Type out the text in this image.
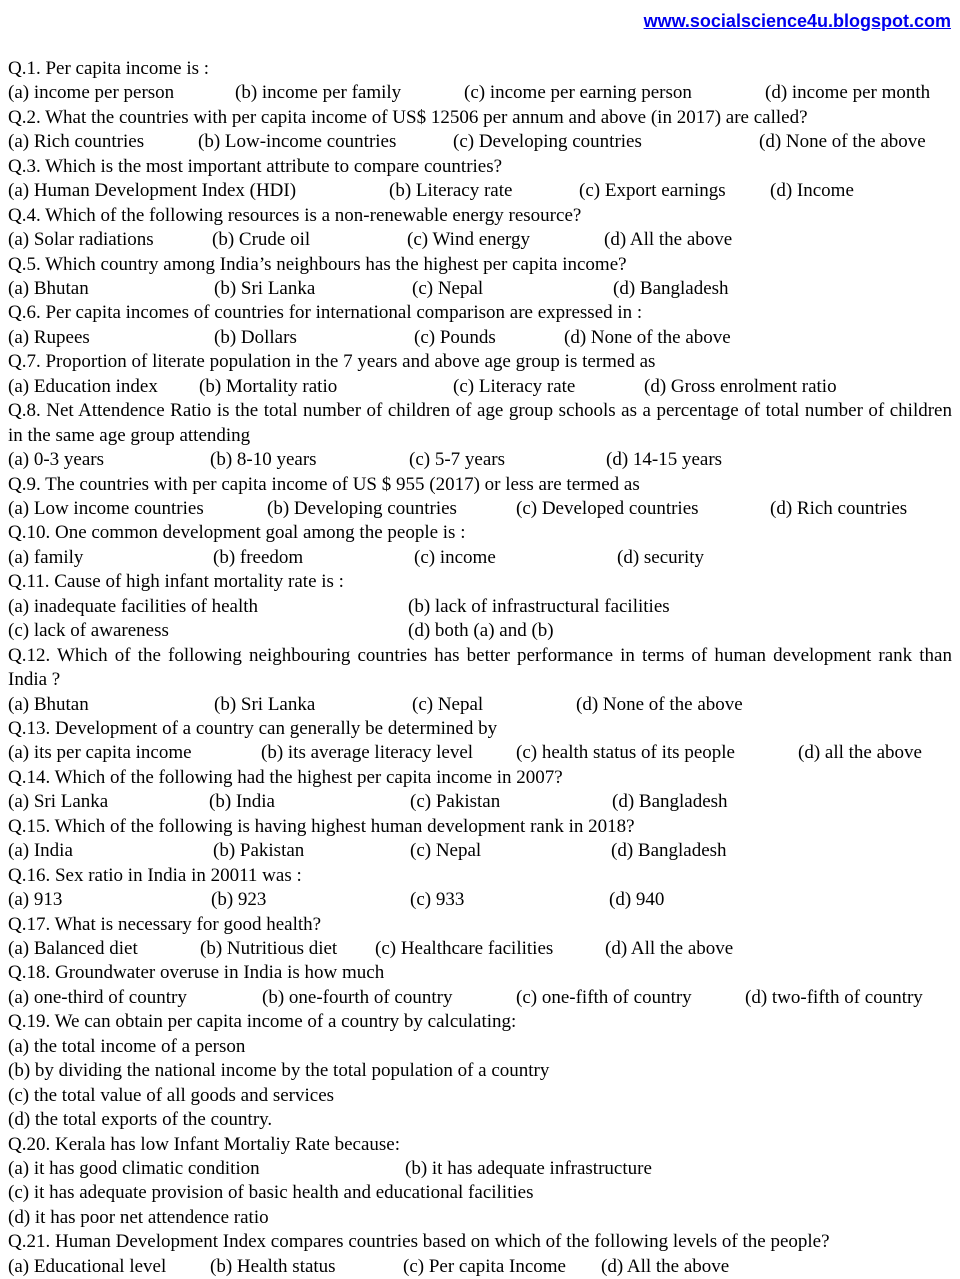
www.socialscience4u.blogspot.com
Q.1. Per capita income is :
(a) income per person	(b) income per family	(c) income per earning person	(d) income per month
Q.2. What the countries with per capita income of US$ 12506 per annum and above (in 2017) are called?
(a) Rich countries	(b) Low-income countries	(c) Developing countries	(d) None of the above
Q.3. Which is the most important attribute to compare countries?
(a) Human Development Index (HDI)	(b) Literacy rate	(c) Export earnings (d) Income
Q.4. Which of the following resources is a non-renewable energy resource?
(a) Solar radiations	(b) Crude oil	(c) Wind energy	(d) All the above
Q.5. Which country among India’s neighbours has the highest per capita income?
(a) Bhutan	(b) Sri Lanka	(c) Nepal	(d) Bangladesh
Q.6. Per capita incomes of countries for international comparison are expressed in :
(a) Rupees	(b) Dollars	(c) Pounds	(d) None of the above
Q.7. Proportion of literate population in the 7 years and above age group is termed as
(a) Education index (b) Mortality ratio	(c) Literacy rate	(d) Gross enrolment ratio
Q.8. Net Attendence Ratio is the total number of children of age group schools as a percentage of total number of children in the same age group attending
(a) 0-3 years	(b) 8-10 years	(c) 5-7 years	(d) 14-15 years
Q.9. The countries with per capita income of US $ 955 (2017) or less are termed as
(a) Low income countries	(b) Developing countries	(c) Developed countries	(d) Rich countries
Q.10. One common development goal among the people is :
(a) family	(b) freedom	(c) income	(d) security
Q.11. Cause of high infant mortality rate is :
(a) inadequate facilities of health	(b) lack of infrastructural facilities
(c) lack of awareness	(d) both (a) and (b)
Q.12. Which of the following neighbouring countries has better performance in terms of human development rank than India ?
(a) Bhutan	(b) Sri Lanka	(c) Nepal	(d) None of the above
Q.13. Development of a country can generally be determined by
(a) its per capita income	(b) its average literacy level (c) health status of its people	(d) all the above
Q.14. Which of the following had the highest per capita income in 2007?
(a) Sri Lanka	(b) India	(c) Pakistan	(d) Bangladesh
Q.15. Which of the following is having highest human development rank in 2018?
(a) India	(b) Pakistan	(c) Nepal	(d) Bangladesh
Q.16. Sex ratio in India in 20011 was :
(a) 913	(b) 923	(c) 933	(d) 940
Q.17. What is necessary for good health?
(a) Balanced diet	(b) Nutritious diet (c) Healthcare facilities	(d) All the above
Q.18. Groundwater overuse in India is how much
(a) one-third of country	(b) one-fourth of country	(c) one-fifth of country	(d) two-fifth of country
Q.19. We can obtain per capita income of a country by calculating:
(a) the total income of a person
(b) by dividing the national income by the total population of a country
(c) the total value of all goods and services
(d) the total exports of the country.
Q.20. Kerala has low Infant Mortaliy Rate because:
(a) it has good climatic condition	(b) it has adequate infrastructure
(c) it has adequate provision of basic health and educational facilities
(d) it has poor net attendence ratio
Q.21. Human Development Index compares countries based on which of the following levels of the people?
(a) Educational level (b) Health status	(c) Per capita Income (d) All the above
